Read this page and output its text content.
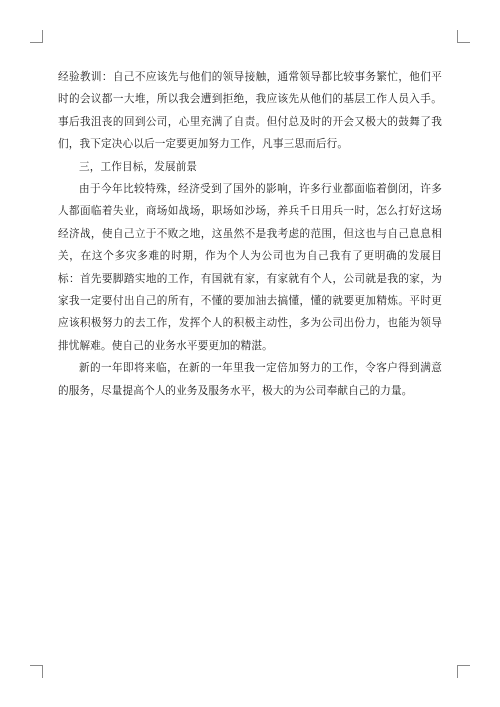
经验教训：自己不应该先与他们的领导接触，通常领导都比较事务繁忙，他们平时的会议都一大堆，所以我会遭到拒绝，我应该先从他们的基层工作人员入手。事后我沮丧的回到公司，心里充满了自责。但付总及时的开会又极大的鼓舞了我们，我下定决心以后一定要更加努力工作，凡事三思而后行。

三，工作目标，发展前景

由于今年比较特殊，经济受到了国外的影响，许多行业都面临着倒闭，许多人都面临着失业，商场如战场，职场如沙场，养兵千日用兵一时，怎么打好这场经济战，使自己立于不败之地，这虽然不是我考虑的范围，但这也与自己息息相关，在这个多灾多难的时期，作为个人为公司也为自己我有了更明确的发展目标：首先要脚踏实地的工作，有国就有家，有家就有个人，公司就是我的家，为家我一定要付出自己的所有，不懂的要加油去搞懂，懂的就要更加精炼。平时更应该积极努力的去工作，发挥个人的积极主动性，多为公司出份力，也能为领导排忧解难。使自己的业务水平要更加的精湛。

新的一年即将来临，在新的一年里我一定倍加努力的工作，令客户得到满意的服务，尽量提高个人的业务及服务水平，极大的为公司奉献自己的力量。
